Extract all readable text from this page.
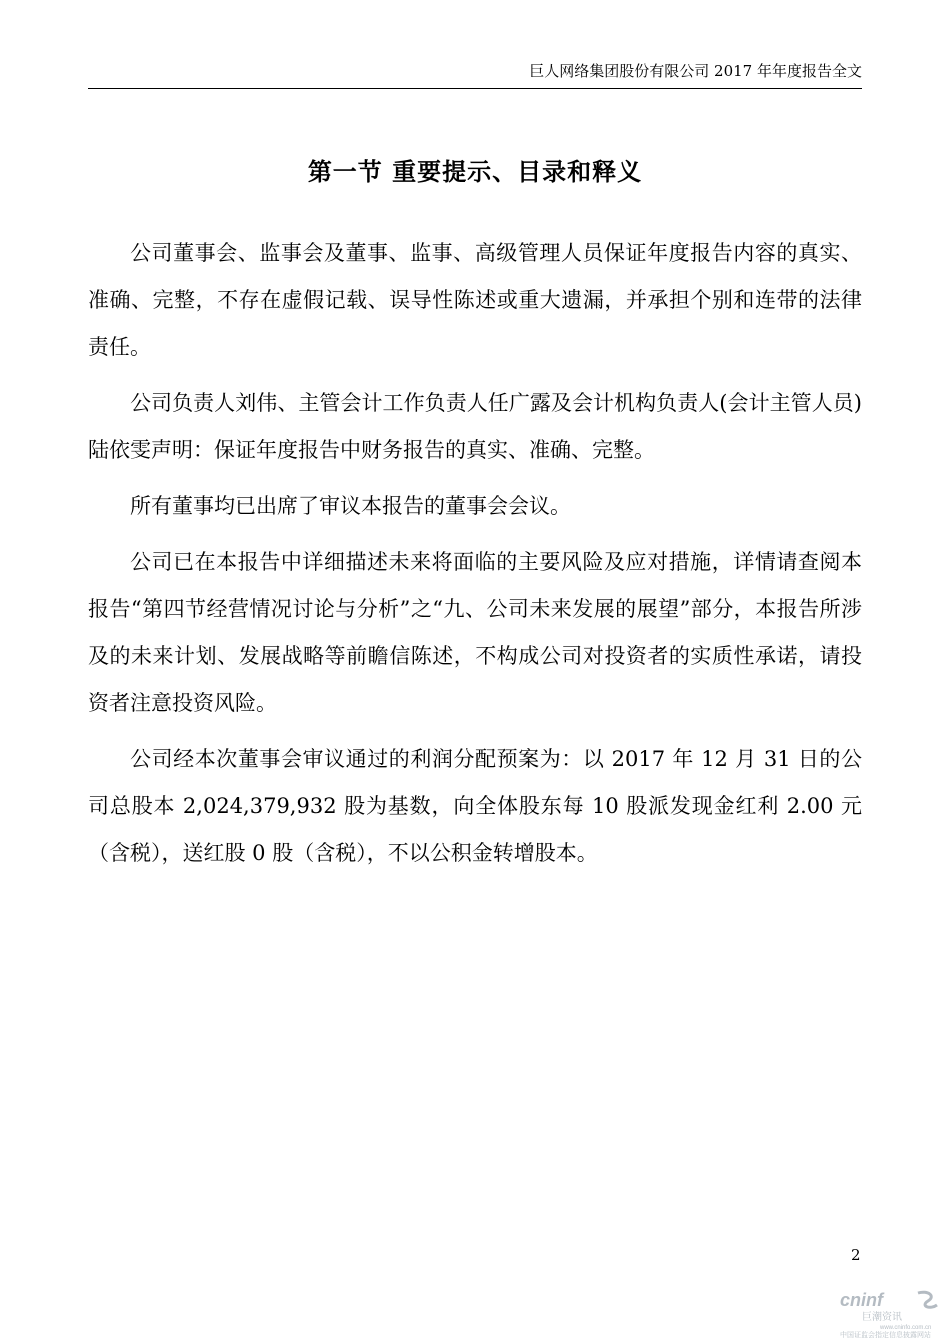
巨人网络集团股份有限公司 2017 年年度报告全文
第一节 重要提示、目录和释义

公司董事会、监事会及董事、监事、高级管理人员保证年度报告内容的真实、准确、完整，不存在虚假记载、误导性陈述或重大遗漏，并承担个别和连带的法律责任。

公司负责人刘伟、主管会计工作负责人任广露及会计机构负责人(会计主管人员)陆依雯声明：保证年度报告中财务报告的真实、准确、完整。

所有董事均已出席了审议本报告的董事会会议。

公司已在本报告中详细描述未来将面临的主要风险及应对措施，详情请查阅本报告“第四节经营情况讨论与分析”之“九、公司未来发展的展望”部分，本报告所涉及的未来计划、发展战略等前瞻信陈述，不构成公司对投资者的实质性承诺，请投资者注意投资风险。

公司经本次董事会审议通过的利润分配预案为：以 2017 年 12 月 31 日的公司总股本 2,024,379,932 股为基数，向全体股东每 10 股派发现金红利 2.00 元（含税），送红股 0 股（含税），不以公积金转增股本。

2
cninf
巨潮资讯
www.cninfo.com.cn
中国证监会指定信息披露网站
